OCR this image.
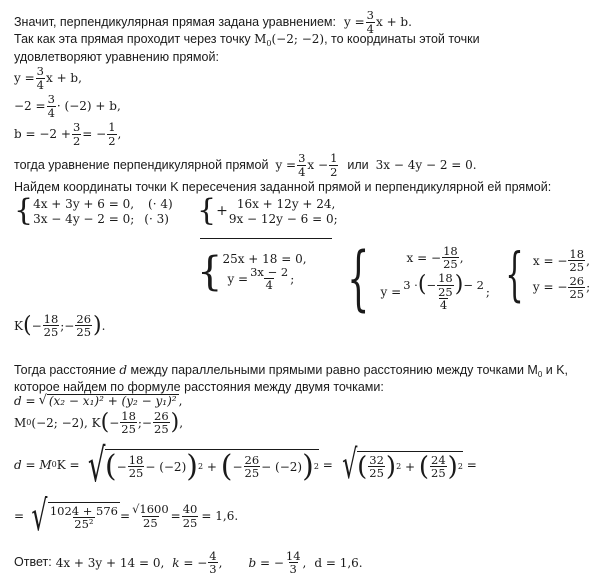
Значит, перпендикулярная прямая задана уравнением: $y = \frac{3}{4}$ x + b.
Так как эта прямая проходит через точку $M_0(-2$; −2), то координаты этой точки
удовлетворяют уравнению прямой:
$y = \frac{3}{4}$ x + b,
$-2 = \frac{3}{4} \cdot (-2) + b$,
$b = -2 + \frac{3}{2}$ = − $\frac{1}{2}$ ,
тогда уравнение перпендикулярной прямой $y = \frac{3}{4}$ $x - \frac{1}{2}$ или 3x − 4y − 2 = 0.
Найдем координаты точки K пересечения заданной прямой и перпендикулярной ей прямой:
{ 4x + 3y + 6 = 0, (· 4)
3x − 4y − 2 = 0; (· 3) { + 16x + 12y + 24,
9x − 12y − 6 = 0;
{ 25x + 18 = 0,
$y = \frac{3x - 2}{4}$ ; {	x = − $\frac{18}{25}$ ,
$y = \frac{3 \cdot ( - \frac{18}{25} ) - 2}{4}$ ; { x = − $\frac{18}{25}$ ,
y = − $\frac{26}{25}$ ;
K ( − $\frac{18}{25}$ ;− $\frac{26}{25}$ ) .
Тогда расстояние d между параллельными прямыми равно расстоянию между точками $M_0$ и K,
которое найдем по формуле расстояния между двумя точками:
d = √ (x₂ − x₁)² + (y₂ − y₁)² ,
M 0 (−2; −2), K ( − $\frac{18}{25}$ ;− $\frac{26}{25}$ ) ,
d = M 0 K = √ ( − $\frac{18}{25} - (-2)$ ) 2 + ( − $\frac{26}{25} - (-2)$ ) 2
=
√ ( $\frac{32}{25}$ ) 2 + ( $\frac{24}{25}$ ) 2
=
= √ $\frac{1024 + 576}{\text{25²}} = \frac{√1600}{25} = \frac{40}{25} = 1,6$.
Ответ: 4x + 3y + 14 = 0, k = − $\frac{4}{3}$ , b = − $\frac{14}{3}$ , d = 1,6.
